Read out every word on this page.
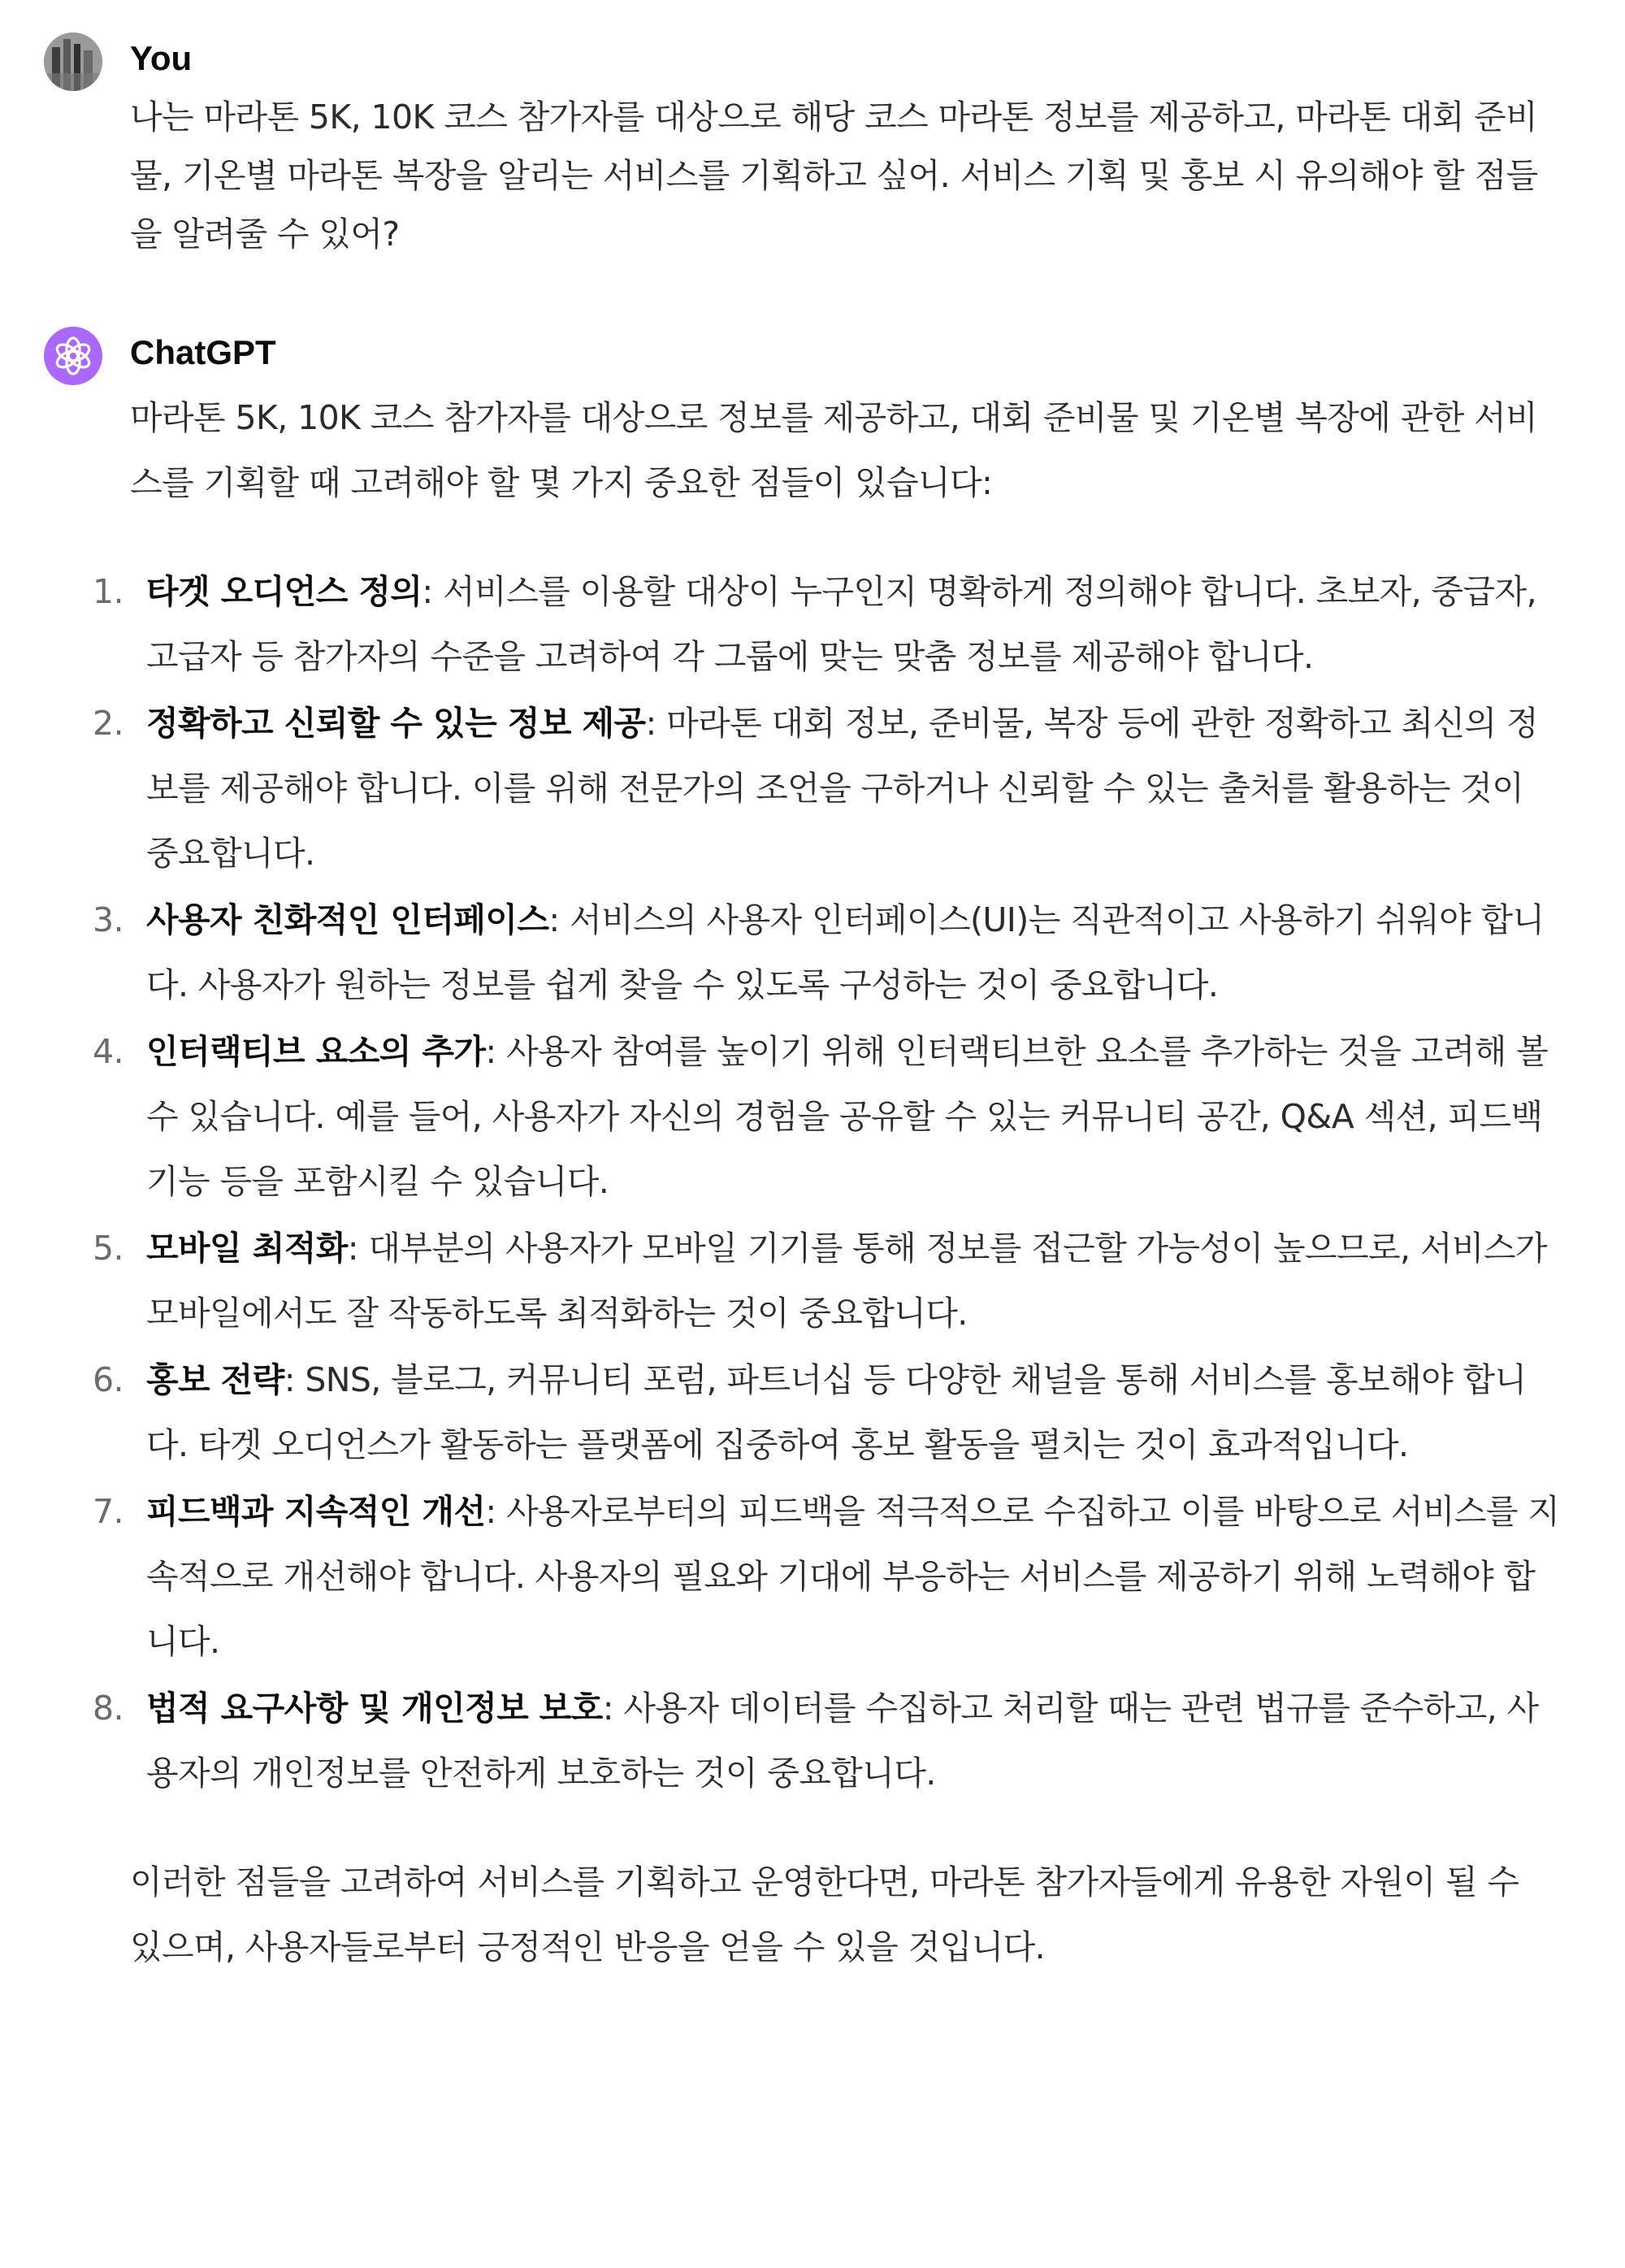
You
나는 마라톤 5K, 10K 코스 참가자를 대상으로 해당 코스 마라톤 정보를 제공하고, 마라톤 대회 준비물, 기온별 마라톤 복장을 알리는 서비스를 기획하고 싶어. 서비스 기획 및 홍보 시 유의해야 할 점들을 알려줄 수 있어?
ChatGPT

마라톤 5K, 10K 코스 참가자를 대상으로 정보를 제공하고, 대회 준비물 및 기온별 복장에 관한 서비스를 기획할 때 고려해야 할 몇 가지 중요한 점들이 있습니다:

1. 타겟 오디언스 정의: 서비스를 이용할 대상이 누구인지 명확하게 정의해야 합니다. 초보자, 중급자, 고급자 등 참가자의 수준을 고려하여 각 그룹에 맞는 맞춤 정보를 제공해야 합니다.
2. 정확하고 신뢰할 수 있는 정보 제공: 마라톤 대회 정보, 준비물, 복장 등에 관한 정확하고 최신의 정보를 제공해야 합니다. 이를 위해 전문가의 조언을 구하거나 신뢰할 수 있는 출처를 활용하는 것이 중요합니다.
3. 사용자 친화적인 인터페이스: 서비스의 사용자 인터페이스(UI)는 직관적이고 사용하기 쉬워야 합니다. 사용자가 원하는 정보를 쉽게 찾을 수 있도록 구성하는 것이 중요합니다.
4. 인터랙티브 요소의 추가: 사용자 참여를 높이기 위해 인터랙티브한 요소를 추가하는 것을 고려해 볼 수 있습니다. 예를 들어, 사용자가 자신의 경험을 공유할 수 있는 커뮤니티 공간, Q&A 섹션, 피드백 기능 등을 포함시킬 수 있습니다.
5. 모바일 최적화: 대부분의 사용자가 모바일 기기를 통해 정보를 접근할 가능성이 높으므로, 서비스가 모바일에서도 잘 작동하도록 최적화하는 것이 중요합니다.
6. 홍보 전략: SNS, 블로그, 커뮤니티 포럼, 파트너십 등 다양한 채널을 통해 서비스를 홍보해야 합니다. 타겟 오디언스가 활동하는 플랫폼에 집중하여 홍보 활동을 펼치는 것이 효과적입니다.
7. 피드백과 지속적인 개선: 사용자로부터의 피드백을 적극적으로 수집하고 이를 바탕으로 서비스를 지속적으로 개선해야 합니다. 사용자의 필요와 기대에 부응하는 서비스를 제공하기 위해 노력해야 합니다.
8. 법적 요구사항 및 개인정보 보호: 사용자 데이터를 수집하고 처리할 때는 관련 법규를 준수하고, 사용자의 개인정보를 안전하게 보호하는 것이 중요합니다.

이러한 점들을 고려하여 서비스를 기획하고 운영한다면, 마라톤 참가자들에게 유용한 자원이 될 수 있으며, 사용자들로부터 긍정적인 반응을 얻을 수 있을 것입니다.
